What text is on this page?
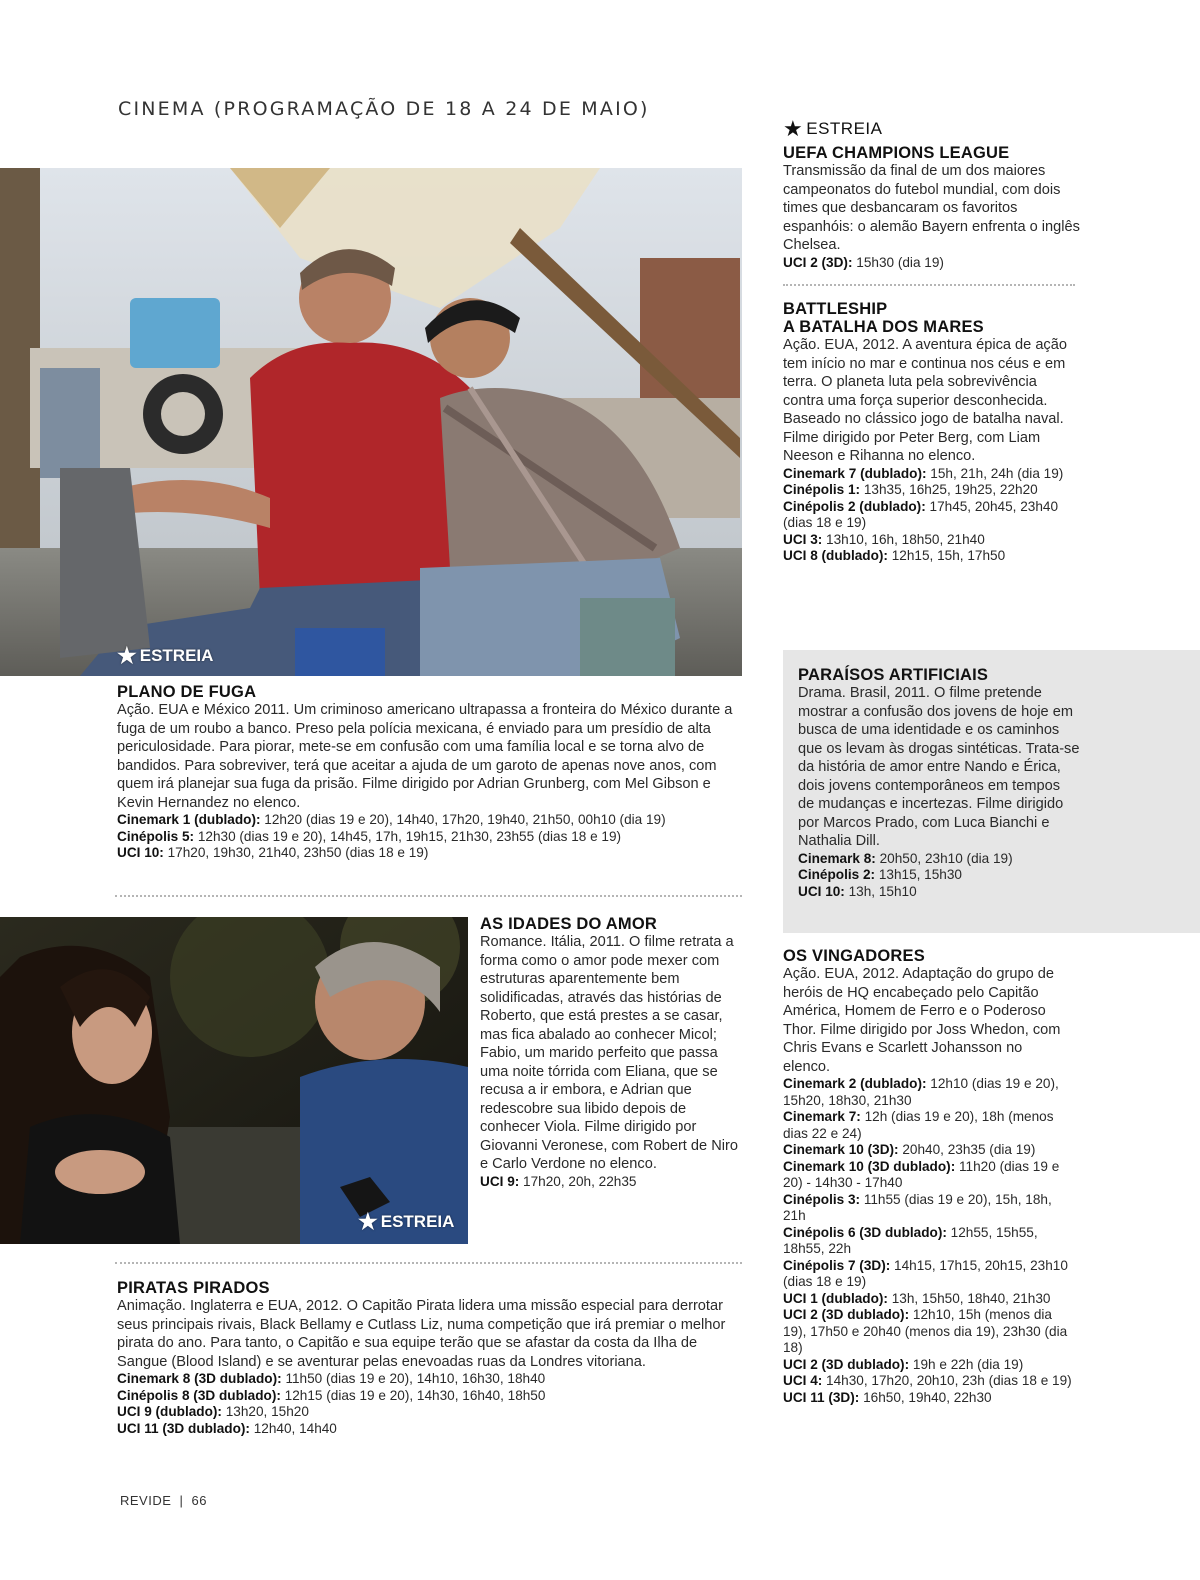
CINEMA (PROGRAMAÇÃO DE 18 A 24 DE MAIO)
★ ESTREIA
PLANO DE FUGA

Ação. EUA e México 2011. Um criminoso americano ultrapassa a fronteira do México durante a fuga de um roubo a banco. Preso pela polícia mexicana, é enviado para um presídio de alta periculosidade. Para piorar, mete-se em confusão com uma família local e se torna alvo de bandidos. Para sobreviver, terá que aceitar a ajuda de um garoto de apenas nove anos, com quem irá planejar sua fuga da prisão. Filme dirigido por Adrian Grunberg, com Mel Gibson e Kevin Hernandez no elenco.

Cinemark 1 (dublado): 12h20 (dias 19 e 20), 14h40, 17h20, 19h40, 21h50, 00h10 (dia 19)
Cinépolis 5: 12h30 (dias 19 e 20), 14h45, 17h, 19h15, 21h30, 23h55 (dias 18 e 19)
UCI 10: 17h20, 19h30, 21h40, 23h50 (dias 18 e 19)
★ ESTREIA
AS IDADES DO AMOR

Romance. Itália, 2011. O filme retrata a forma como o amor pode mexer com estruturas aparentemente bem solidificadas, através das histórias de Roberto, que está prestes a se casar, mas fica abalado ao conhecer Micol; Fabio, um marido perfeito que passa uma noite tórrida com Eliana, que se recusa a ir embora, e Adrian que redescobre sua libido depois de conhecer Viola. Filme dirigido por Giovanni Veronese, com Robert de Niro e Carlo Verdone no elenco.

UCI 9: 17h20, 20h, 22h35
PIRATAS PIRADOS

Animação. Inglaterra e EUA, 2012. O Capitão Pirata lidera uma missão especial para derrotar seus principais rivais, Black Bellamy e Cutlass Liz, numa competição que irá premiar o melhor pirata do ano. Para tanto, o Capitão e sua equipe terão que se afastar da costa da Ilha de Sangue (Blood Island) e se aventurar pelas enevoadas ruas da Londres vitoriana.

Cinemark 8 (3D dublado): 11h50 (dias 19 e 20), 14h10, 16h30, 18h40
Cinépolis 8 (3D dublado): 12h15 (dias 19 e 20), 14h30, 16h40, 18h50
UCI 9 (dublado): 13h20, 15h20
UCI 11 (3D dublado): 12h40, 14h40
★ ESTREIA
UEFA CHAMPIONS LEAGUE

Transmissão da final de um dos maiores campeonatos do futebol mundial, com dois times que desbancaram os favoritos espanhóis: o alemão Bayern enfrenta o inglês Chelsea.

UCI 2 (3D): 15h30 (dia 19)
BATTLESHIP
A BATALHA DOS MARES

Ação. EUA, 2012. A aventura épica de ação tem início no mar e continua nos céus e em terra. O planeta luta pela sobrevivência contra uma força superior desconhecida. Baseado no clássico jogo de batalha naval. Filme dirigido por Peter Berg, com Liam Neeson e Rihanna no elenco.

Cinemark 7 (dublado): 15h, 21h, 24h (dia 19)
Cinépolis 1: 13h35, 16h25, 19h25, 22h20
Cinépolis 2 (dublado): 17h45, 20h45, 23h40 (dias 18 e 19)
UCI 3: 13h10, 16h, 18h50, 21h40
UCI 8 (dublado): 12h15, 15h, 17h50
PARAÍSOS ARTIFICIAIS

Drama. Brasil, 2011. O filme pretende mostrar a confusão dos jovens de hoje em busca de uma identidade e os caminhos que os levam às drogas sintéticas. Trata-se da história de amor entre Nando e Érica, dois jovens contemporâneos em tempos de mudanças e incertezas. Filme dirigido por Marcos Prado, com Luca Bianchi e Nathalia Dill.

Cinemark 8: 20h50, 23h10 (dia 19)
Cinépolis 2: 13h15, 15h30
UCI 10: 13h, 15h10
OS VINGADORES

Ação. EUA, 2012. Adaptação do grupo de heróis de HQ encabeçado pelo Capitão América, Homem de Ferro e o Poderoso Thor. Filme dirigido por Joss Whedon, com Chris Evans e Scarlett Johansson no elenco.

Cinemark 2 (dublado): 12h10 (dias 19 e 20), 15h20, 18h30, 21h30
Cinemark 7: 12h (dias 19 e 20), 18h (menos dias 22 e 24)
Cinemark 10 (3D): 20h40, 23h35 (dia 19)
Cinemark 10 (3D dublado): 11h20 (dias 19 e 20) - 14h30 - 17h40
Cinépolis 3: 11h55 (dias 19 e 20), 15h, 18h, 21h
Cinépolis 6 (3D dublado): 12h55, 15h55, 18h55, 22h
Cinépolis 7 (3D): 14h15, 17h15, 20h15, 23h10 (dias 18 e 19)
UCI 1 (dublado): 13h, 15h50, 18h40, 21h30
UCI 2 (3D dublado): 12h10, 15h (menos dia 19), 17h50 e 20h40 (menos dia 19), 23h30 (dia 18)
UCI 2 (3D dublado): 19h e 22h (dia 19)
UCI 4: 14h30, 17h20, 20h10, 23h (dias 18 e 19)
UCI 11 (3D): 16h50, 19h40, 22h30
REVIDE | 66
